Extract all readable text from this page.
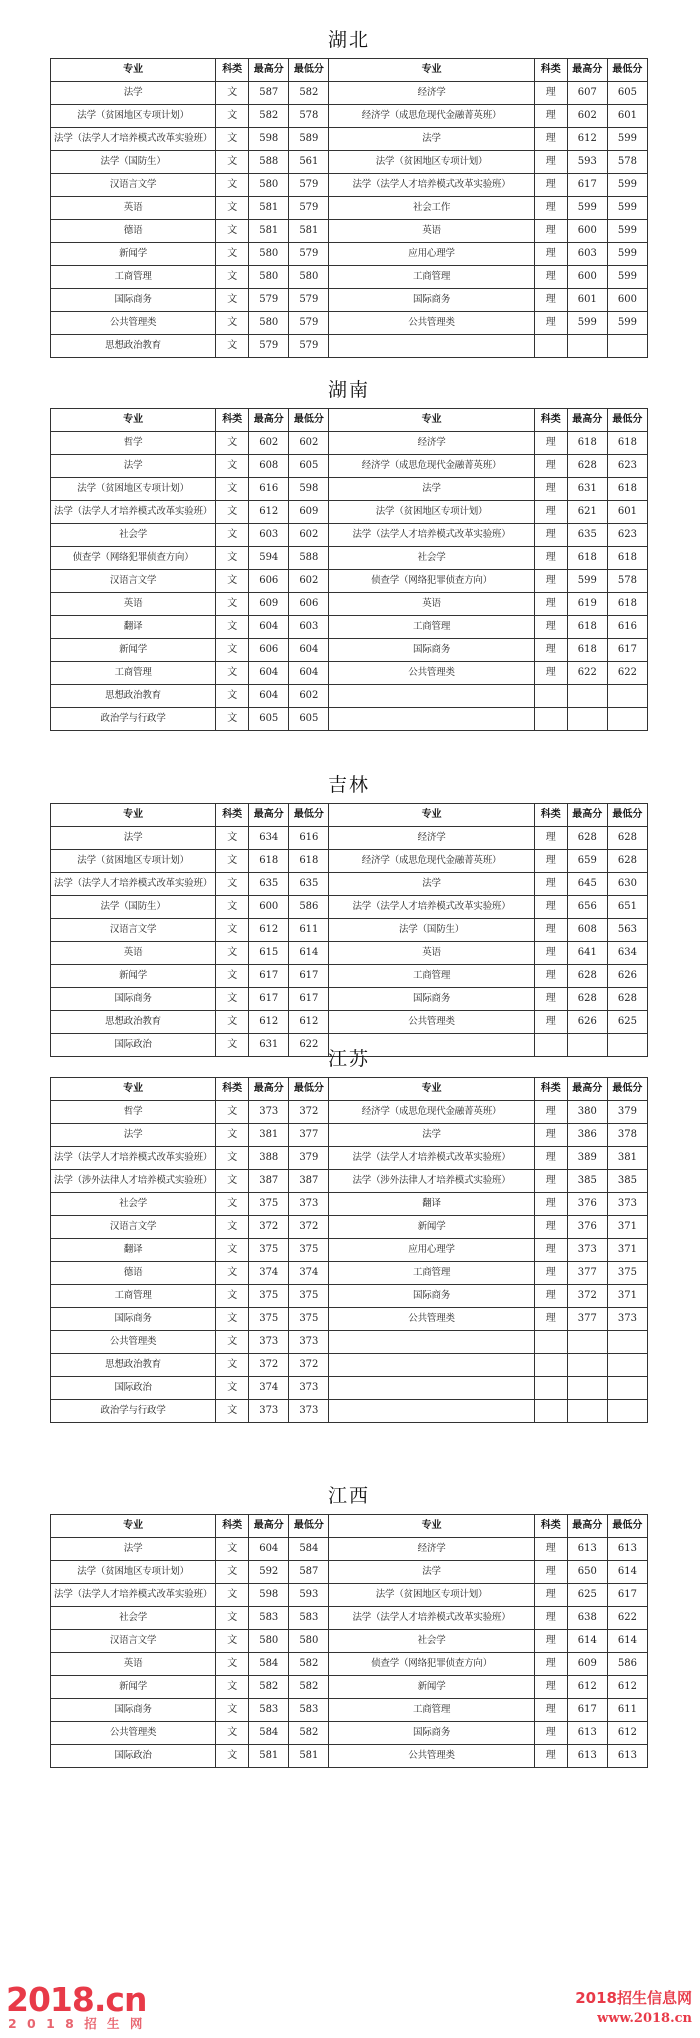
湖北
专业	科类	最高分	最低分	专业	科类	最高分	最低分
法学	文	587	582	经济学	理	607	605
法学（贫困地区专项计划）	文	582	578	经济学（成思危现代金融菁英班）	理	602	601
法学（法学人才培养模式改革实验班）	文	598	589	法学	理	612	599
法学（国防生）	文	588	561	法学（贫困地区专项计划）	理	593	578
汉语言文学	文	580	579	法学（法学人才培养模式改革实验班）	理	617	599
英语	文	581	579	社会工作	理	599	599
德语	文	581	581	英语	理	600	599
新闻学	文	580	579	应用心理学	理	603	599
工商管理	文	580	580	工商管理	理	600	599
国际商务	文	579	579	国际商务	理	601	600
公共管理类	文	580	579	公共管理类	理	599	599
思想政治教育	文	579	579				
湖南
专业	科类	最高分	最低分	专业	科类	最高分	最低分
哲学	文	602	602	经济学	理	618	618
法学	文	608	605	经济学（成思危现代金融菁英班）	理	628	623
法学（贫困地区专项计划）	文	616	598	法学	理	631	618
法学（法学人才培养模式改革实验班）	文	612	609	法学（贫困地区专项计划）	理	621	601
社会学	文	603	602	法学（法学人才培养模式改革实验班）	理	635	623
侦查学（网络犯罪侦查方向）	文	594	588	社会学	理	618	618
汉语言文学	文	606	602	侦查学（网络犯罪侦查方向）	理	599	578
英语	文	609	606	英语	理	619	618
翻译	文	604	603	工商管理	理	618	616
新闻学	文	606	604	国际商务	理	618	617
工商管理	文	604	604	公共管理类	理	622	622
思想政治教育	文	604	602				
政治学与行政学	文	605	605				
吉林
专业	科类	最高分	最低分	专业	科类	最高分	最低分
法学	文	634	616	经济学	理	628	628
法学（贫困地区专项计划）	文	618	618	经济学（成思危现代金融菁英班）	理	659	628
法学（法学人才培养模式改革实验班）	文	635	635	法学	理	645	630
法学（国防生）	文	600	586	法学（法学人才培养模式改革实验班）	理	656	651
汉语言文学	文	612	611	法学（国防生）	理	608	563
英语	文	615	614	英语	理	641	634
新闻学	文	617	617	工商管理	理	628	626
国际商务	文	617	617	国际商务	理	628	628
思想政治教育	文	612	612	公共管理类	理	626	625
国际政治	文	631	622				
江苏
专业	科类	最高分	最低分	专业	科类	最高分	最低分
哲学	文	373	372	经济学（成思危现代金融菁英班）	理	380	379
法学	文	381	377	法学	理	386	378
法学（法学人才培养模式改革实验班）	文	388	379	法学（法学人才培养模式改革实验班）	理	389	381
法学（涉外法律人才培养模式实验班）	文	387	387	法学（涉外法律人才培养模式实验班）	理	385	385
社会学	文	375	373	翻译	理	376	373
汉语言文学	文	372	372	新闻学	理	376	371
翻译	文	375	375	应用心理学	理	373	371
德语	文	374	374	工商管理	理	377	375
工商管理	文	375	375	国际商务	理	372	371
国际商务	文	375	375	公共管理类	理	377	373
公共管理类	文	373	373				
思想政治教育	文	372	372				
国际政治	文	374	373				
政治学与行政学	文	373	373				
江西
专业	科类	最高分	最低分	专业	科类	最高分	最低分
法学	文	604	584	经济学	理	613	613
法学（贫困地区专项计划）	文	592	587	法学	理	650	614
法学（法学人才培养模式改革实验班）	文	598	593	法学（贫困地区专项计划）	理	625	617
社会学	文	583	583	法学（法学人才培养模式改革实验班）	理	638	622
汉语言文学	文	580	580	社会学	理	614	614
英语	文	584	582	侦查学（网络犯罪侦查方向）	理	609	586
新闻学	文	582	582	新闻学	理	612	612
国际商务	文	583	583	工商管理	理	617	611
公共管理类	文	584	582	国际商务	理	613	612
国际政治	文	581	581	公共管理类	理	613	613
2018.cn
2 0 1 8 招 生 网
2018招生信息网
www.2018.cn
